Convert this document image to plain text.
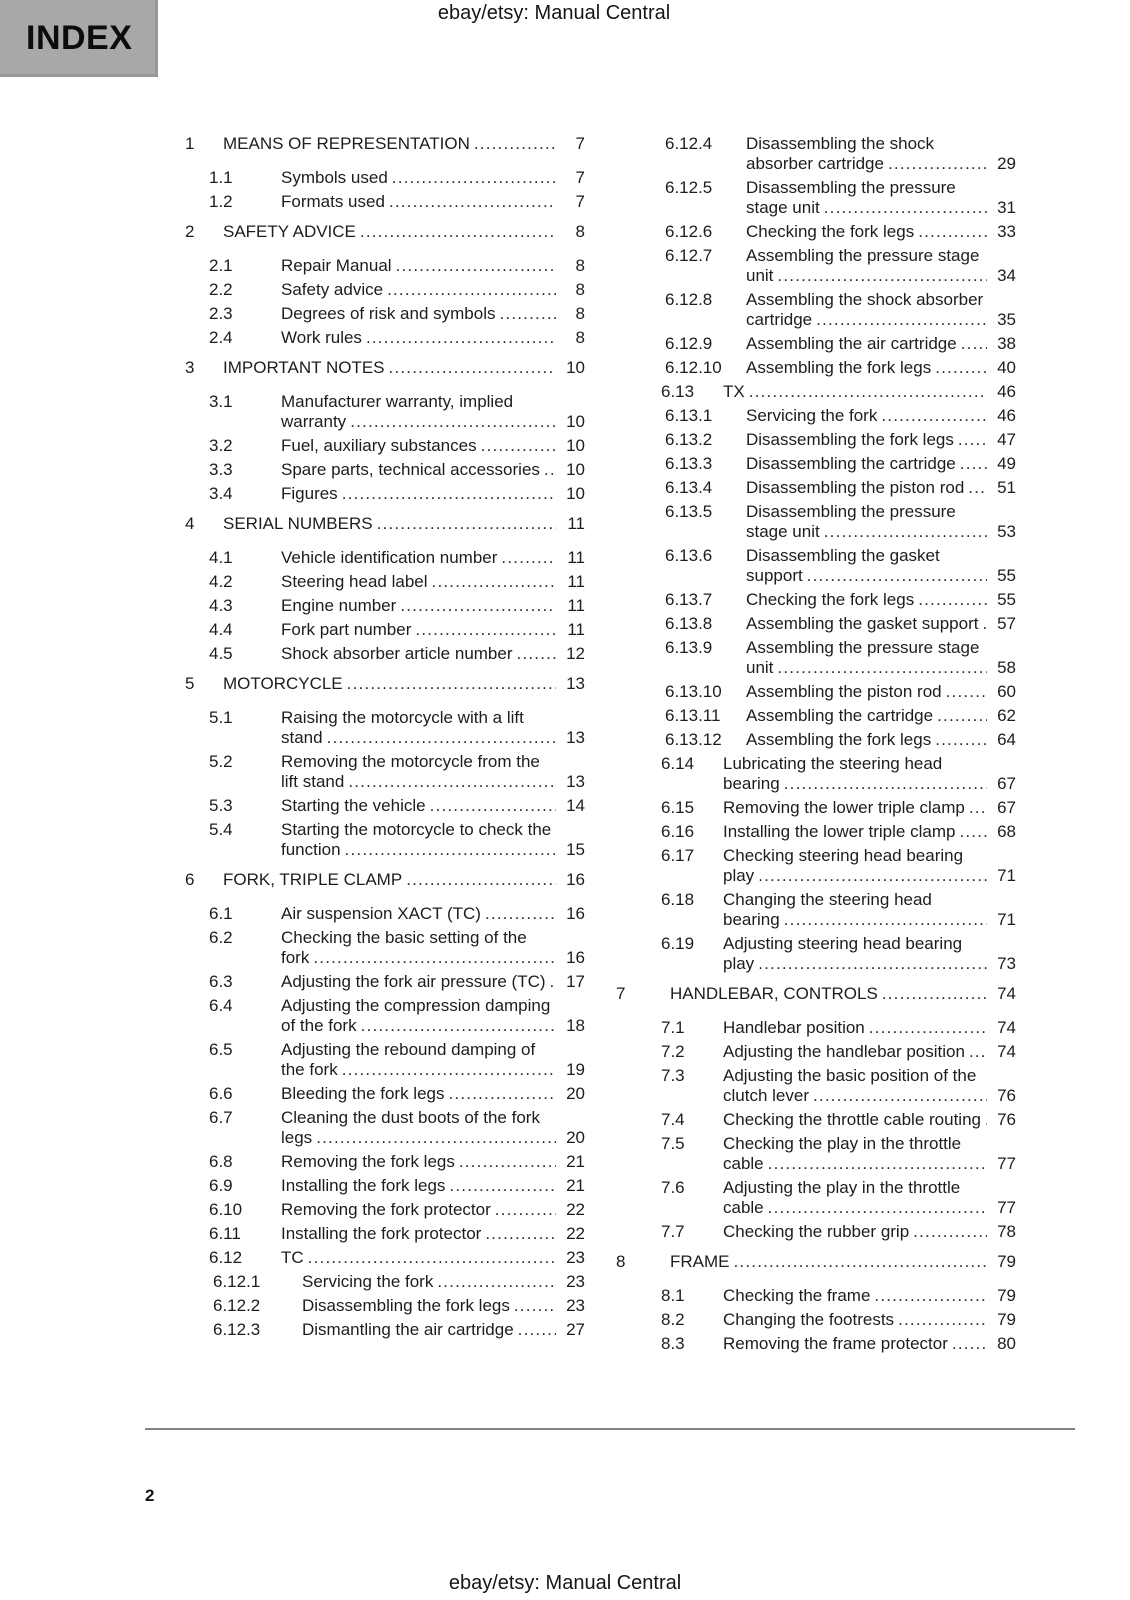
INDEX
ebay/etsy: Manual Central
1	MEANS OF REPRESENTATION .....	7
1.1	Symbols used .....	7
1.2	Formats used .....	7
2	SAFETY ADVICE .....	8
2.1	Repair Manual .....	8
2.2	Safety advice .....	8
2.3	Degrees of risk and symbols .....	8
2.4	Work rules .....	8
3	IMPORTANT NOTES .....	10
3.1	Manufacturer warranty, implied
warranty .....	10
3.2	Fuel, auxiliary substances .....	10
3.3	Spare parts, technical accessories ..... 10
3.4	Figures .....	10
4	SERIAL NUMBERS .....	11
4.1	Vehicle identification number .....	11
4.2	Steering head label .....	11
4.3	Engine number .....	11
4.4	Fork part number .....	11
4.5	Shock absorber article number .....	12
5	MOTORCYCLE .....	13
5.1	Raising the motorcycle with a lift
stand .....	13
5.2	Removing the motorcycle from the
lift stand .....	13
5.3	Starting the vehicle .....	14
5.4	Starting the motorcycle to check the
function .....	15
6	FORK, TRIPLE CLAMP .....	16
6.1	Air suspension XACT (TC) .....	16
6.2	Checking the basic setting of the
fork .....	16
6.3	Adjusting the fork air pressure (TC) ..... 17
6.4	Adjusting the compression damping
of the fork .....	18
6.5	Adjusting the rebound damping of
the fork .....	19
6.6	Bleeding the fork legs .....	20
6.7	Cleaning the dust boots of the fork
legs .....	20
6.8	Removing the fork legs .....	21
6.9	Installing the fork legs .....	21
6.10	Removing the fork protector .....	22
6.11	Installing the fork protector .....	22
6.12	TC .....	23
6.12.1	Servicing the fork .....	23
6.12.2	Disassembling the fork legs .....	23
6.12.3	Dismantling the air cartridge .....	27
6.12.4	Disassembling the shock
absorber cartridge .....	29
6.12.5	Disassembling the pressure
stage unit .....	31
6.12.6	Checking the fork legs .....	33
6.12.7	Assembling the pressure stage
unit .....	34
6.12.8	Assembling the shock absorber
cartridge .....	35
6.12.9	Assembling the air cartridge ..... 38
6.12.10	Assembling the fork legs .....	40
6.13	TX .....	46
6.13.1	Servicing the fork .....	46
6.13.2	Disassembling the fork legs .....	47
6.13.3	Disassembling the cartridge ..... 49
6.13.4	Disassembling the piston rod ..... 51
6.13.5	Disassembling the pressure
stage unit .....	53
6.13.6	Disassembling the gasket
support .....	55
6.13.7	Checking the fork legs .....	55
6.13.8	Assembling the gasket support ..... 57
6.13.9	Assembling the pressure stage
unit .....	58
6.13.10	Assembling the piston rod .....	60
6.13.11	Assembling the cartridge .....	62
6.13.12	Assembling the fork legs .....	64
6.14	Lubricating the steering head
bearing .....	67
6.15	Removing the lower triple clamp ..... 67
6.16	Installing the lower triple clamp ..... 68
6.17	Checking steering head bearing
play .....	71
6.18	Changing the steering head
bearing .....	71
6.19	Adjusting steering head bearing
play .....	73
7	HANDLEBAR, CONTROLS .....	74
7.1	Handlebar position .....	74
7.2	Adjusting the handlebar position ..... 74
7.3	Adjusting the basic position of the
clutch lever .....	76
7.4	Checking the throttle cable routing ..... 76
7.5	Checking the play in the throttle
cable .....	77
7.6	Adjusting the play in the throttle
cable .....	77
7.7	Checking the rubber grip .....	78
8	FRAME .....	79
8.1	Checking the frame .....	79
8.2	Changing the footrests .....	79
8.3	Removing the frame protector .....	80
2
ebay/etsy: Manual Central
